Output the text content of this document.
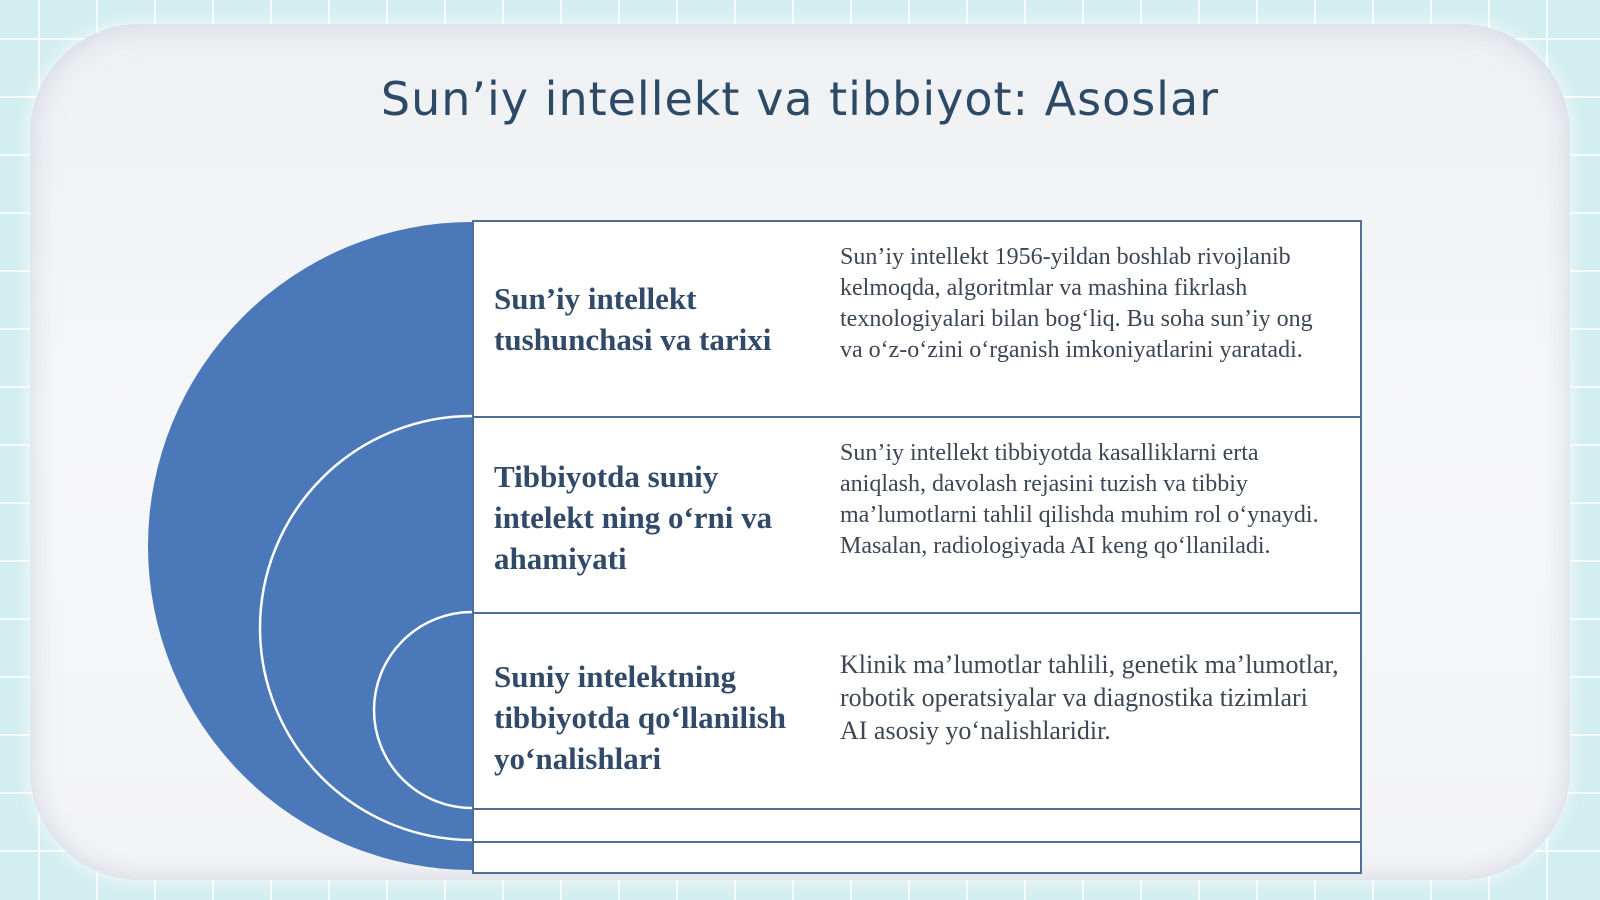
Sun’iy intellekt va tibbiyot: Asoslar

Sun’iy intellekt tushunchasi va tarixi

Sun’iy intellekt 1956-yildan boshlab rivojlanib kelmoqda, algoritmlar va mashina fikrlash texnologiyalari bilan bog‘liq. Bu soha sun’iy ong va o‘z-o‘zini o‘rganish imkoniyatlarini yaratadi.

Tibbiyotda suniy intelekt ning o‘rni va ahamiyati

Sun’iy intellekt tibbiyotda kasalliklarni erta aniqlash, davolash rejasini tuzish va tibbiy ma’lumotlarni tahlil qilishda muhim rol o‘ynaydi. Masalan, radiologiyada AI keng qo‘llaniladi.

Suniy intelektning tibbiyotda qo‘llanilish yo‘nalishlari

Klinik ma’lumotlar tahlili, genetik ma’lumotlar, robotik operatsiyalar va diagnostika tizimlari AI asosiy yo‘nalishlaridir.
